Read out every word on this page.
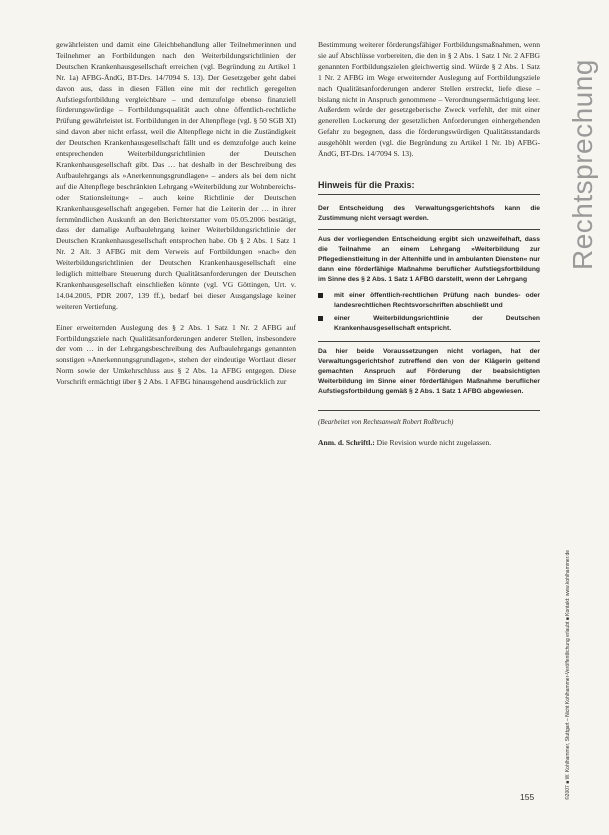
gewährleisten und damit eine Gleichbehandlung aller Teilnehmerinnen und Teilnehmer an Fortbildungen nach den Weiterbildungsrichtlinien der Deutschen Krankenhausgesellschaft erreichen (vgl. Begründung zu Artikel 1 Nr. 1a) AFBG-ÄndG, BT-Drs. 14/7094 S. 13). Der Gesetzgeber geht dabei davon aus, dass in diesen Fällen eine mit der rechtlich geregelten Aufstiegsfortbildung vergleichbare – und demzufolge ebenso finanziell förderungswürdige – Fortbildungsqualität auch ohne öffentlich-rechtliche Prüfung gewährleistet ist. Fortbildungen in der Altenpflege (vgl. § 50 SGB XI) sind davon aber nicht erfasst, weil die Altenpflege nicht in die Zuständigkeit der Deutschen Krankenhausgesellschaft fällt und es demzufolge auch keine entsprechenden Weiterbildungsrichtlinien der Deutschen Krankenhausgesellschaft gibt. Das … hat deshalb in der Beschreibung des Aufbaulehrgangs als »Anerkennungsgrundlagen« – anders als bei dem nicht auf die Altenpflege beschränkten Lehrgang »Weiterbildung zur Wohnbereichs- oder Stationsleitung« – auch keine Richtlinie der Deutschen Krankenhausgesellschaft angegeben. Ferner hat die Leiterin der … in ihrer fernmündlichen Auskunft an den Berichterstatter vom 05.05.2006 bestätigt, dass der damalige Aufbaulehrgang keiner Weiterbildungsrichtlinie der Deutschen Krankenhausgesellschaft entsprochen habe. Ob § 2 Abs. 1 Satz 1 Nr. 2 Alt. 3 AFBG mit dem Verweis auf Fortbildungen »nach« den Weiterbildungsrichtlinien der Deutschen Krankenhausgesellschaft eine lediglich mittelbare Steuerung durch Qualitätsanforderungen der Deutschen Krankenhausgesellschaft einschließen könnte (vgl. VG Göttingen, Urt. v. 14.04.2005, PDR 2007, 139 ff.), bedarf bei dieser Ausgangslage keiner weiteren Vertiefung.

Einer erweiternden Auslegung des § 2 Abs. 1 Satz 1 Nr. 2 AFBG auf Fortbildungsziele nach Qualitätsanforderungen anderer Stellen, insbesondere der vom … in der Lehrgangsbeschreibung des Aufbaulehrgangs genannten sonstigen »Anerkennungsgrundlagen«, stehen der eindeutige Wortlaut dieser Norm sowie der Umkehrschluss aus § 2 Abs. 1a AFBG entgegen. Diese Vorschrift ermächtigt über § 2 Abs. 1 AFBG hinausgehend ausdrücklich zur

Bestimmung weiterer förderungsfähiger Fortbildungsmaßnahmen, wenn sie auf Abschlüsse vorbereiten, die den in § 2 Abs. 1 Satz 1 Nr. 2 AFBG genannten Fortbildungszielen gleichwertig sind. Würde § 2 Abs. 1 Satz 1 Nr. 2 AFBG im Wege erweiternder Auslegung auf Fortbildungsziele nach Qualitätsanforderungen anderer Stellen erstreckt, liefe diese – bislang nicht in Anspruch genommene – Verordnungsermächtigung leer. Außerdem würde der gesetzgeberische Zweck verfehlt, der mit einer generellen Lockerung der gesetzlichen Anforderungen einhergehenden Gefahr zu begegnen, dass die förderungswürdigen Qualitätsstandards ausgehöhlt werden (vgl. die Begründung zu Artikel 1 Nr. 1b) AFBG-ÄndG, BT-Drs. 14/7094 S. 13).

Hinweis für die Praxis:

Der Entscheidung des Verwaltungsgerichtshofs kann die Zustimmung nicht versagt werden.

Aus der vorliegenden Entscheidung ergibt sich unzweifelhaft, dass die Teilnahme an einem Lehrgang »Weiterbildung zur Pflegedienstleitung in der Altenhilfe und in ambulanten Diensten« nur dann eine förderfähige Maßnahme beruflicher Aufstiegsfortbildung im Sinne des § 2 Abs. 1 Satz 1 AFBG darstellt, wenn der Lehrgang

mit einer öffentlich-rechtlichen Prüfung nach bundes- oder landesrechtlichen Rechtsvorschriften abschließt und
einer Weiterbildungsrichtlinie der Deutschen Krankenhausgesellschaft entspricht.

Da hier beide Voraussetzungen nicht vorlagen, hat der Verwaltungsgerichtshof zutreffend den von der Klägerin geltend gemachten Anspruch auf Förderung der beabsichtigten Weiterbildung im Sinne einer förderfähigen Maßnahme beruflicher Aufstiegsfortbildung gemäß § 2 Abs. 1 Satz 1 AFBG abgewiesen.

(Bearbeitet von Rechtsanwalt Robert Roßbruch)
Anm. d. Schriftl.: Die Revision wurde nicht zugelassen.
Rechtsprechung
©2007 ■ W. Kohlhammer, Stuttgart – Nicht Kohlhammer-Veröffentlichung erlaubt ■ Kontakt: www.kohlhammer.de
155
